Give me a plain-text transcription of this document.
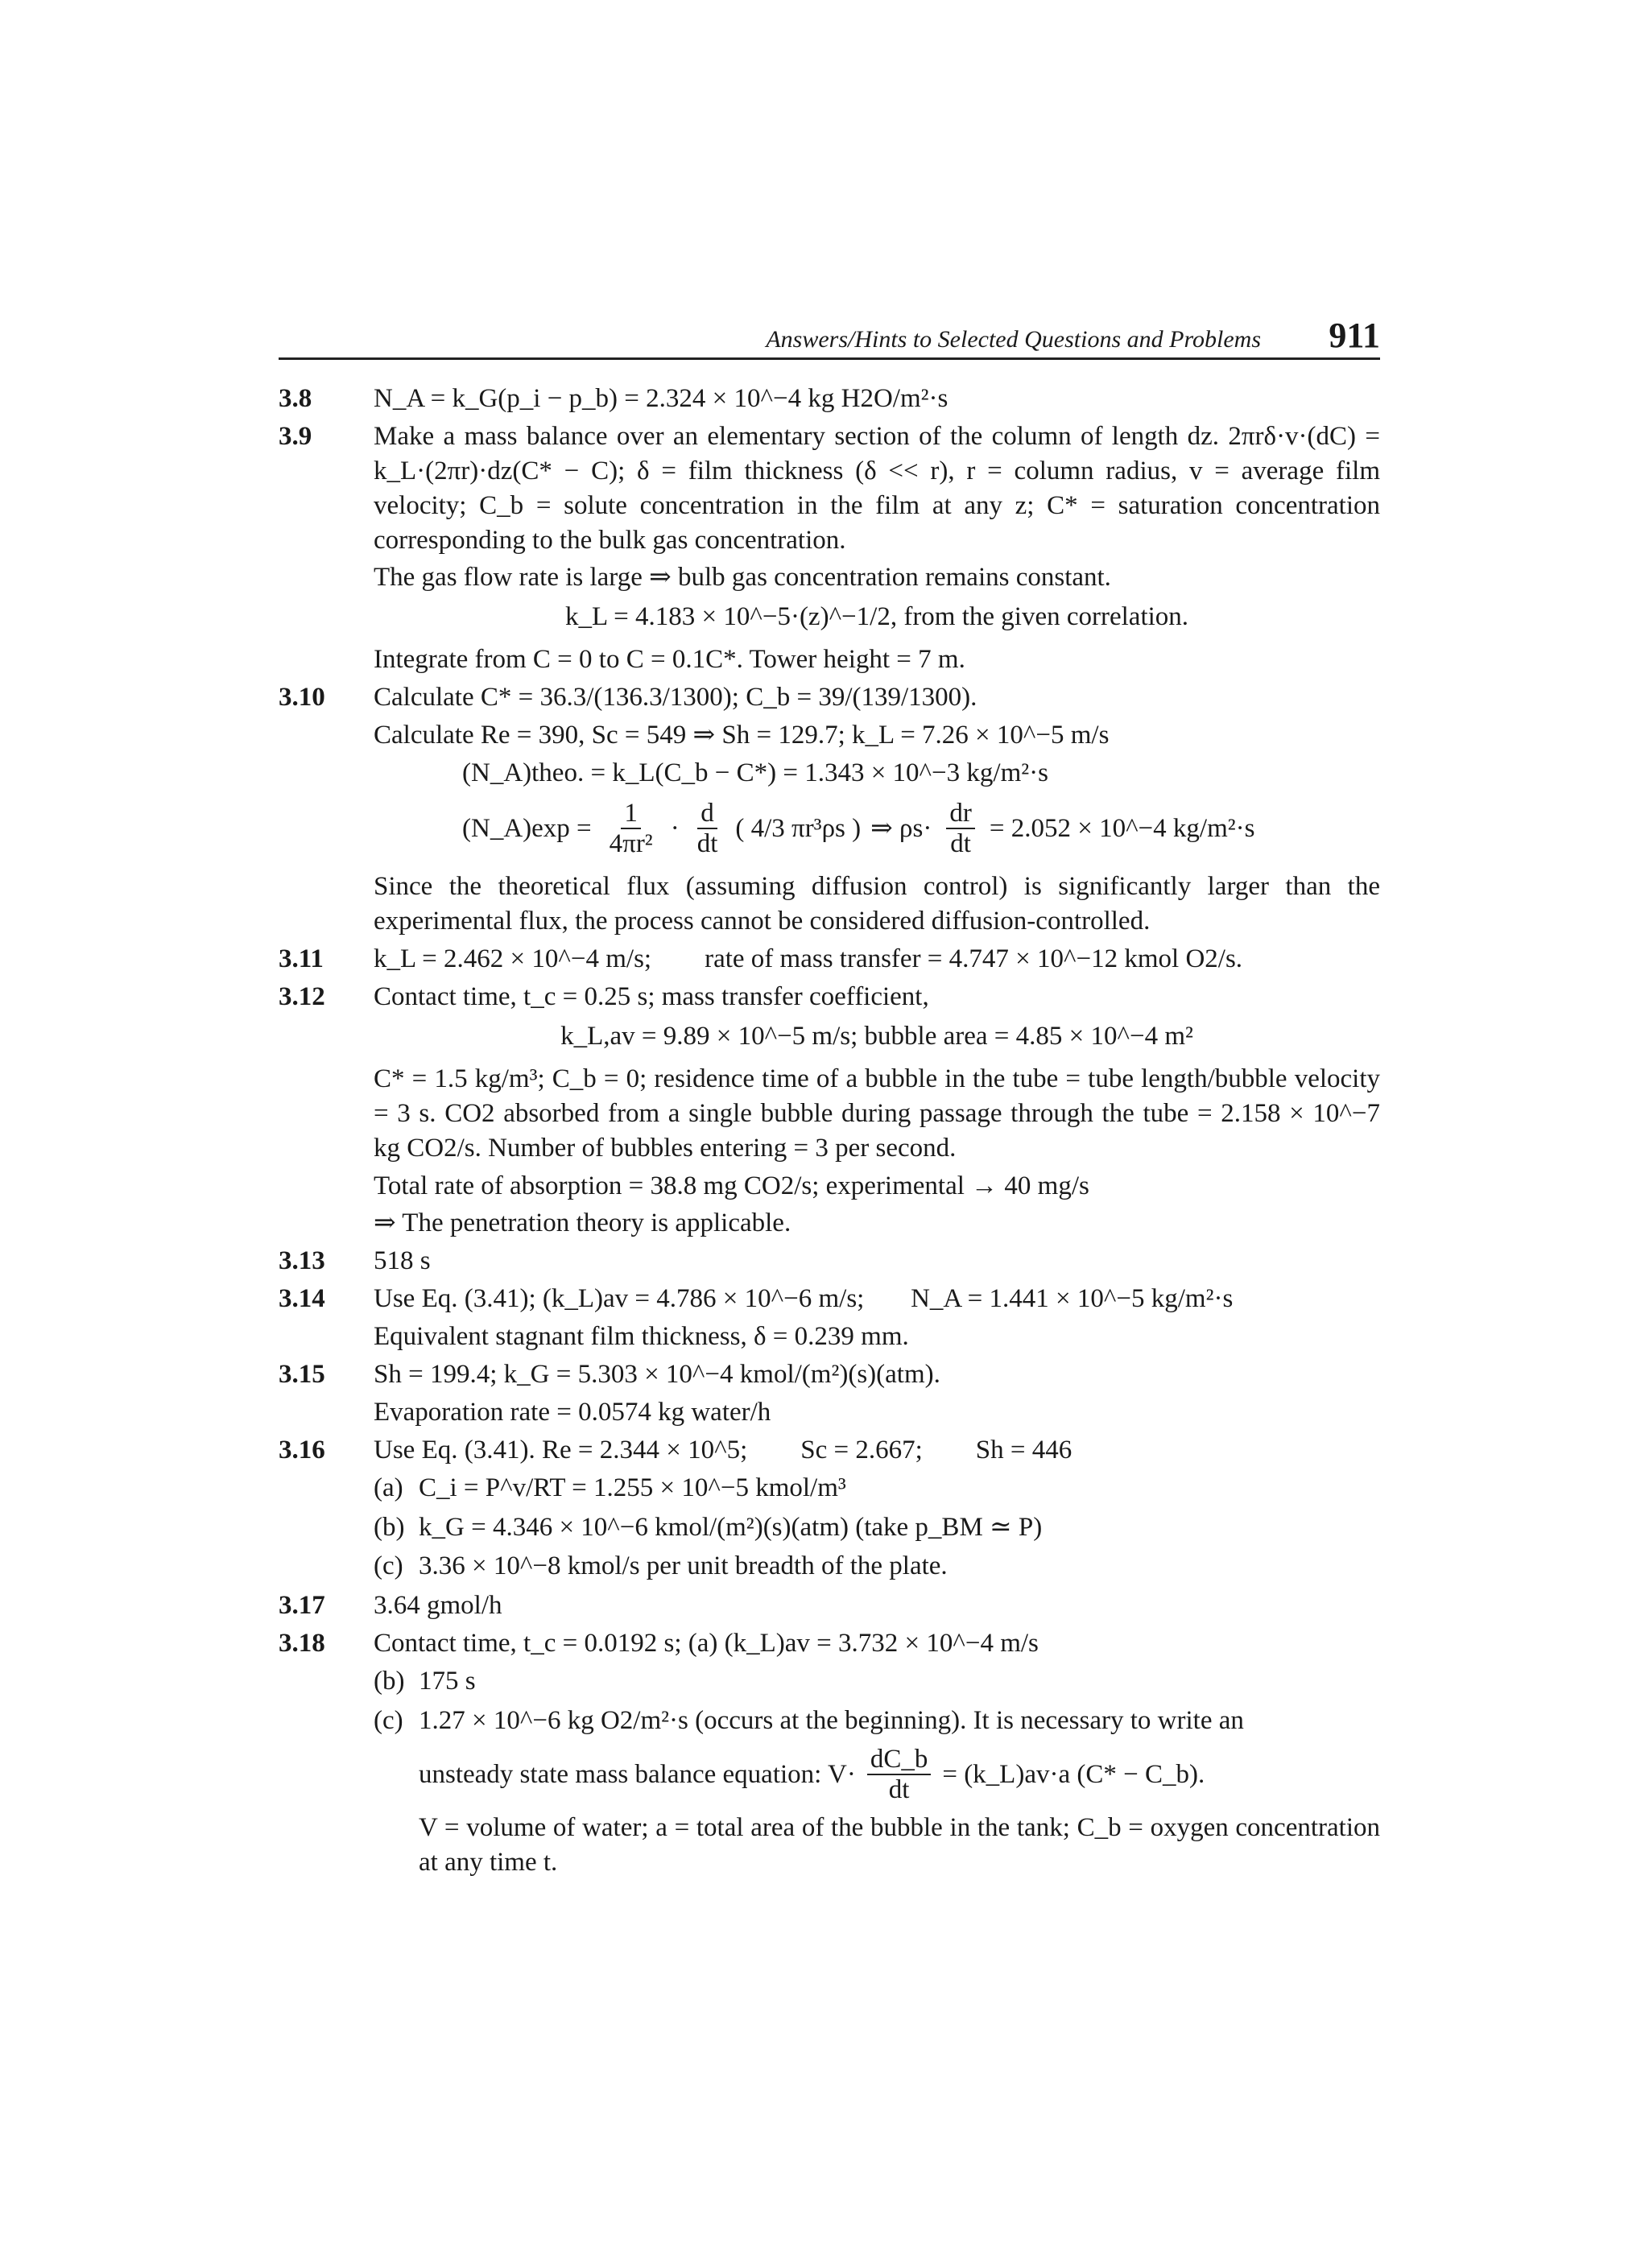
Answers/Hints to Selected Questions and Problems 911
3.8 N_A = k_G(p_i − p_b) = 2.324 × 10^−4 kg H2O/m²·s
3.9 Make a mass balance over an elementary section of the column of length dz. 2πrδ·v·(dC) = k_L·(2πr)·dz(C* − C); δ = film thickness (δ << r), r = column radius, v = average film velocity; C_b = solute concentration in the film at any z; C* = saturation concentration corresponding to the bulk gas concentration.
The gas flow rate is large ⇒ bulb gas concentration remains constant.
k_L = 4.183 × 10^−5·(z)^−1/2, from the given correlation.
Integrate from C = 0 to C = 0.1C*. Tower height = 7 m.
3.10 Calculate C* = 36.3/(136.3/1300); C_b = 39/(139/1300).
Calculate Re = 390, Sc = 549 ⇒ Sh = 129.7; k_L = 7.26 × 10^−5 m/s
(N_A)theo. = k_L(C_b − C*) = 1.343 × 10^−3 kg/m²·s
(N_A)exp = $\frac{1}{\text{4πr²}} \cdot \frac{d}{dt}$ ( 4/3 πr³ρs ) ⇒ $\rho s\cdot \frac{dr}{dt} = 2.052$ × 10^−4 kg/m²·s
Since the theoretical flux (assuming diffusion control) is significantly larger than the experimental flux, the process cannot be considered diffusion-controlled.
3.11 k_L = 2.462 × 10^−4 m/s;        rate of mass transfer = 4.747 × 10^−12 kmol O2/s.
3.12 Contact time, t_c = 0.25 s; mass transfer coefficient,
k_L,av = 9.89 × 10^−5 m/s; bubble area = 4.85 × 10^−4 m²
C* = 1.5 kg/m³; C_b = 0; residence time of a bubble in the tube = tube length/bubble velocity = 3 s. CO2 absorbed from a single bubble during passage through the tube = 2.158 × 10^−7 kg CO2/s. Number of bubbles entering = 3 per second.
Total rate of absorption = 38.8 mg CO2/s; experimental → 40 mg/s
⇒ The penetration theory is applicable.
3.13 518 s
3.14 Use Eq. (3.41); (k_L)av = 4.786 × 10^−6 m/s;       N_A = 1.441 × 10^−5 kg/m²·s
Equivalent stagnant film thickness, δ = 0.239 mm.
3.15 Sh = 199.4; k_G = 5.303 × 10^−4 kmol/(m²)(s)(atm).
Evaporation rate = 0.0574 kg water/h
3.16 Use Eq. (3.41). Re = 2.344 × 10^5;        Sc = 2.667;        Sh = 446
(a) C_i = P^v/RT = 1.255 × 10^−5 kmol/m³
(b) k_G = 4.346 × 10^−6 kmol/(m²)(s)(atm) (take p_BM ≃ P)
(c) 3.36 × 10^−8 kmol/s per unit breadth of the plate.
3.17 3.64 gmol/h
3.18 Contact time, t_c = 0.0192 s; (a) (k_L)av = 3.732 × 10^−4 m/s
(b) 175 s
(c) 1.27 × 10^−6 kg O2/m²·s (occurs at the beginning). It is necessary to write an
unsteady state mass balance equation: $V\cdot \frac{dC\_b}{dt}$ = (k_L)av·a (C* − C_b).
V = volume of water; a = total area of the bubble in the tank; C_b = oxygen concentration at any time t.
